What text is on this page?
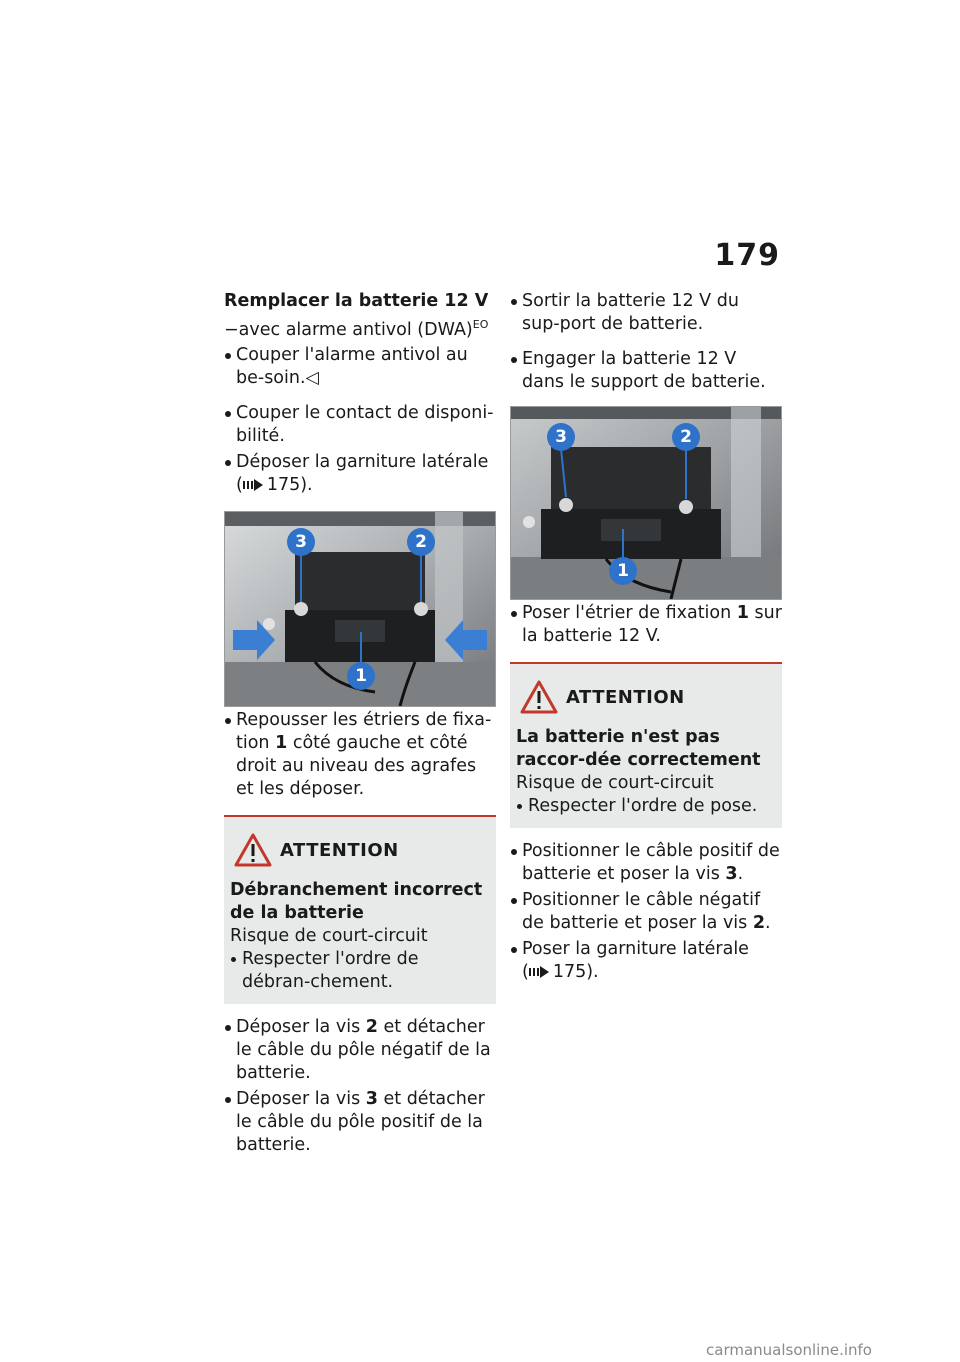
179
Remplacer la batterie 12 V
−avec alarme antivol (DWA)$^{EO}$
Couper l'alarme antivol au be-soin.◁
Couper le contact de disponi-bilité.
Déposer la garniture latérale
( 175).
3	2
1
Repousser les étriers de fixa-tion 1 côté gauche et côté droit au niveau des agrafes et les déposer.
ATTENTION
Débranchement incorrect de la batterie
Risque de court-circuit
Respecter l'ordre de débran-chement.
Déposer la vis 2 et détacher le câble du pôle négatif de la batterie.
Déposer la vis 3 et détacher le câble du pôle positif de la batterie.
Sortir la batterie 12 V du sup-port de batterie.
Engager la batterie 12 V dans le support de batterie.
3	2
1
Poser l'étrier de fixation 1 sur la batterie 12 V.
ATTENTION
La batterie n'est pas raccor-dée correctement
Risque de court-circuit
Respecter l'ordre de pose.
Positionner le câble positif de batterie et poser la vis 3.
Positionner le câble négatif de batterie et poser la vis 2.
Poser la garniture latérale
( 175).
carmanualsonline.info
